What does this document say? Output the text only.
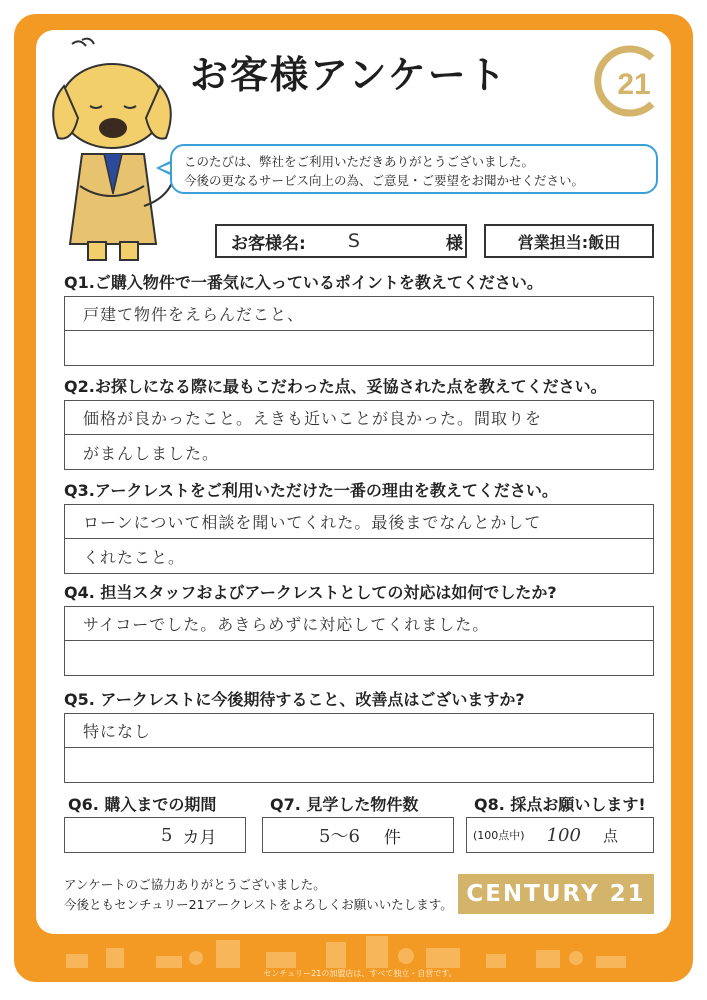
お客様アンケート	21
このたびは、弊社をご利用いただきありがとうございました。
今後の更なるサービス向上の為、ご意見・ご要望をお聞かせください。
お客様名: S	様	営業担当:飯田
Q1.ご購入物件で一番気に入っているポイントを教えてください。
戸建て物件をえらんだこと、
Q2.お探しになる際に最もこだわった点、妥協された点を教えてください。
価格が良かったこと。えきも近いことが良かった。間取りを
がまんしました。
Q3.アークレストをご利用いただけた一番の理由を教えてください。
ローンについて相談を聞いてくれた。最後までなんとかして
くれたこと。
Q4. 担当スタッフおよびアークレストとしての対応は如何でしたか?
サイコーでした。あきらめずに対応してくれました。
Q5. アークレストに今後期待すること、改善点はございますか?
特になし
Q6. 購入までの期間
5 カ月
Q7. 見学した物件数
5〜6 件
Q8. 採点お願いします!
(100点中) 100 点
アンケートのご協力ありがとうございました。
今後ともセンチュリー21アークレストをよろしくお願いいたします。 CENTURY 21
センチュリー21の加盟店は、すべて独立・自営です。
